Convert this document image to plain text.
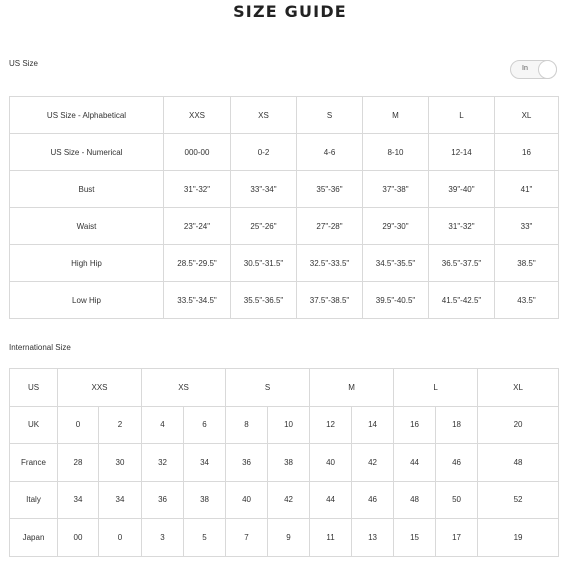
SIZE GUIDE
US Size
In
US Size - Alphabetical	XXS	XS	S	M	L	XL
US Size - Numerical	000-00	0-2	4-6	8-10	12-14	16
Bust	31"-32"	33"-34"	35"-36"	37"-38"	39"-40"	41"
Waist	23"-24"	25"-26"	27"-28"	29"-30"	31"-32"	33"
High Hip	28.5"-29.5"	30.5"-31.5"	32.5"-33.5"	34.5"-35.5"	36.5"-37.5"	38.5"
Low Hip	33.5"-34.5"	35.5"-36.5"	37.5"-38.5"	39.5"-40.5"	41.5"-42.5"	43.5"
International Size
US	XXS		XS		S		M		L		XL
UK	0	2	4	6	8	10	12	14	16	18	20
France	28	30	32	34	36	38	40	42	44	46	48
Italy	34	34	36	38	40	42	44	46	48	50	52
Japan	00	0	3	5	7	9	11	13	15	17	19
